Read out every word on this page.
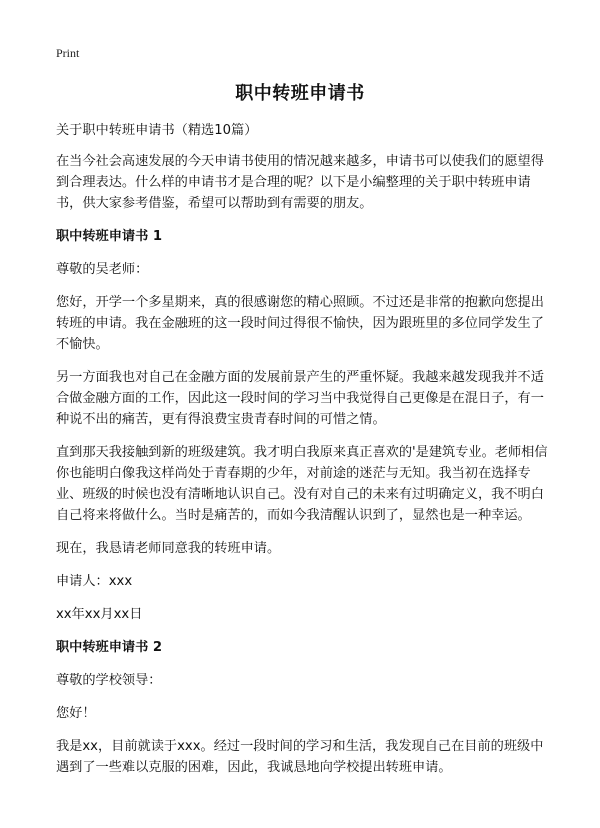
Print
职中转班申请书

关于职中转班申请书（精选10篇）

在当今社会高速发展的今天申请书使用的情况越来越多，申请书可以使我们的愿望得到合理表达。什么样的申请书才是合理的呢？以下是小编整理的关于职中转班申请书，供大家参考借鉴，希望可以帮助到有需要的朋友。

职中转班申请书 1

尊敬的吴老师：

您好，开学一个多星期来，真的很感谢您的精心照顾。不过还是非常的抱歉向您提出转班的申请。我在金融班的这一段时间过得很不愉快，因为跟班里的多位同学发生了不愉快。

另一方面我也对自己在金融方面的发展前景产生的严重怀疑。我越来越发现我并不适合做金融方面的工作，因此这一段时间的学习当中我觉得自己更像是在混日子，有一种说不出的痛苦，更有得浪费宝贵青春时间的可惜之情。

直到那天我接触到新的班级建筑。我才明白我原来真正喜欢的'是建筑专业。老师相信你也能明白像我这样尚处于青春期的少年，对前途的迷茫与无知。我当初在选择专业、班级的时候也没有清晰地认识自己。没有对自己的未来有过明确定义，我不明白自己将来将做什么。当时是痛苦的，而如今我清醒认识到了，显然也是一种幸运。

现在，我恳请老师同意我的转班申请。

申请人：xxx

xx年xx月xx日

职中转班申请书 2

尊敬的学校领导：

您好！

我是xx，目前就读于xxx。经过一段时间的学习和生活，我发现自己在目前的班级中遇到了一些难以克服的困难，因此，我诚恳地向学校提出转班申请。
